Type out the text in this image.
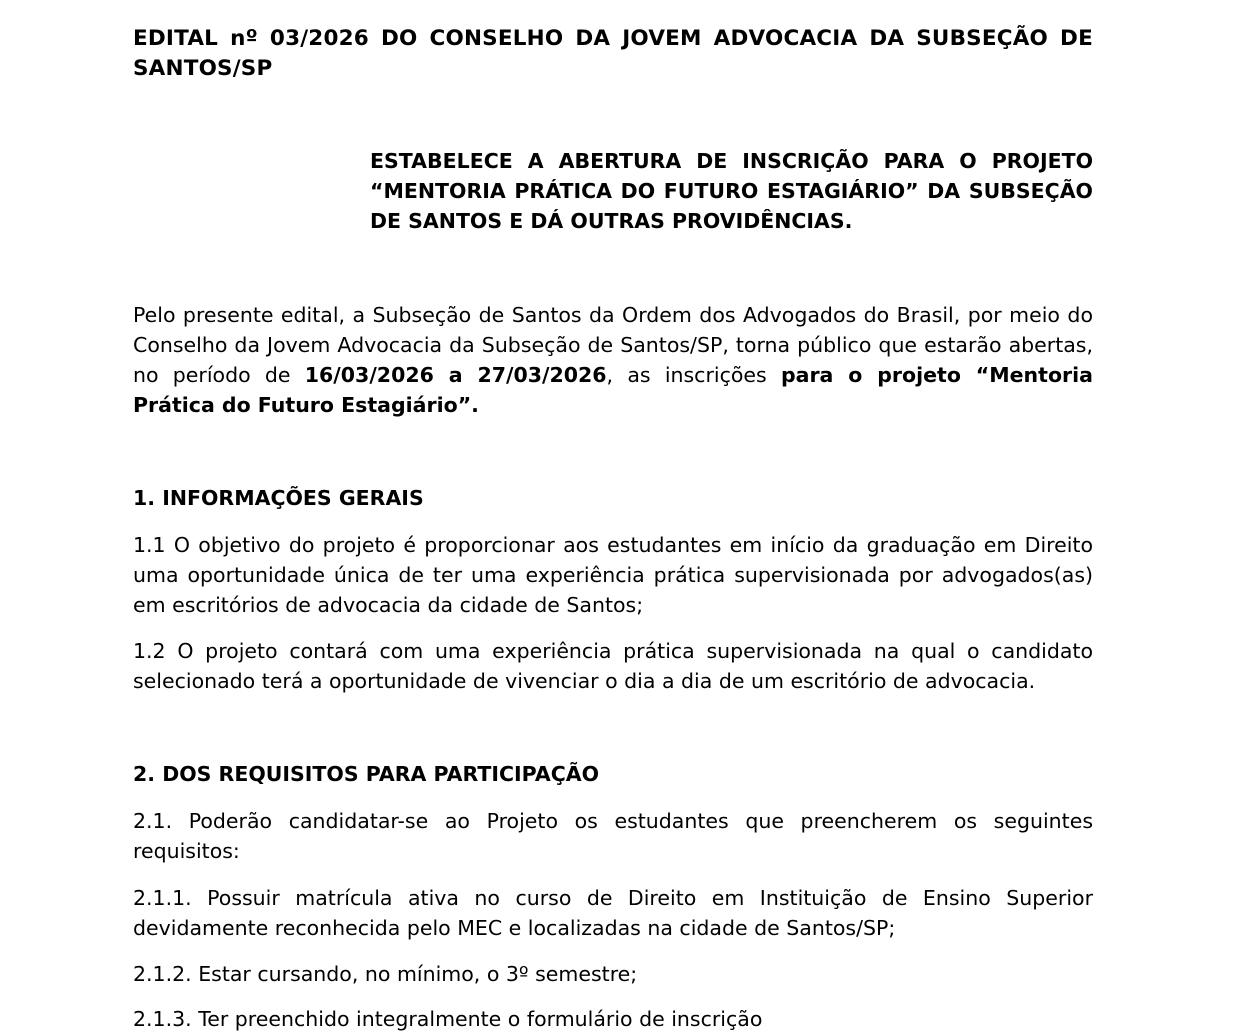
EDITAL nº 03/2026 DO CONSELHO DA JOVEM ADVOCACIA DA SUBSEÇÃO DE SANTOS/SP
ESTABELECE A ABERTURA DE INSCRIÇÃO PARA O PROJETO “MENTORIA PRÁTICA DO FUTURO ESTAGIÁRIO” DA SUBSEÇÃO DE SANTOS E DÁ OUTRAS PROVIDÊNCIAS.
Pelo presente edital, a Subseção de Santos da Ordem dos Advogados do Brasil, por meio do Conselho da Jovem Advocacia da Subseção de Santos/SP, torna público que estarão abertas, no período de 16/03/2026 a 27/03/2026, as inscrições para o projeto “Mentoria Prática do Futuro Estagiário”.
1. INFORMAÇÕES GERAIS
1.1 O objetivo do projeto é proporcionar aos estudantes em início da graduação em Direito uma oportunidade única de ter uma experiência prática supervisionada por advogados(as) em escritórios de advocacia da cidade de Santos;
1.2 O projeto contará com uma experiência prática supervisionada na qual o candidato selecionado terá a oportunidade de vivenciar o dia a dia de um escritório de advocacia.
2. DOS REQUISITOS PARA PARTICIPAÇÃO
2.1. Poderão candidatar-se ao Projeto os estudantes que preencherem os seguintes requisitos:
2.1.1. Possuir matrícula ativa no curso de Direito em Instituição de Ensino Superior devidamente reconhecida pelo MEC e localizadas na cidade de Santos/SP;
2.1.2. Estar cursando, no mínimo, o 3º semestre;
2.1.3. Ter preenchido integralmente o formulário de inscrição
